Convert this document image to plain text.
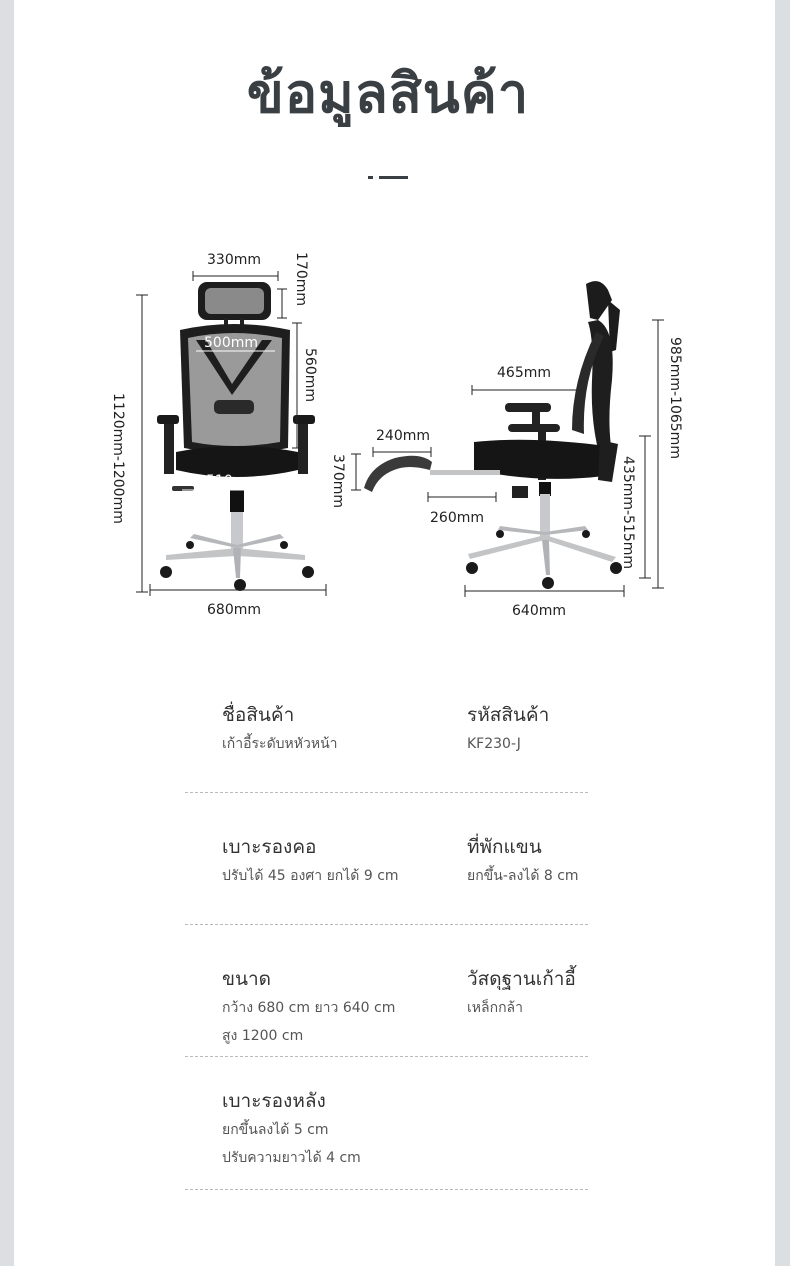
ข้อมูลสินค้า
330mm 170mm
500mm
560mm
510mm
1120mm-1200mm
680mm
465mm
240mm
370mm
260mm
985mm-1065mm
435mm-515mm
640mm
ชื่อสินค้า
เก้าอี้ระดับหหัวหน้า
รหัสสินค้า
KF230-J
เบาะรองคอ
ปรับได้ 45 องศา ยกได้ 9 cm
ที่พักแขน
ยกขึ้น-ลงได้ 8 cm
ขนาด
กว้าง 680 cm ยาว 640 cm
สูง 1200 cm
วัสดุฐานเก้าอี้
เหล็กกล้า
เบาะรองหลัง
ยกขึ้นลงได้ 5 cm
ปรับความยาวได้ 4 cm
